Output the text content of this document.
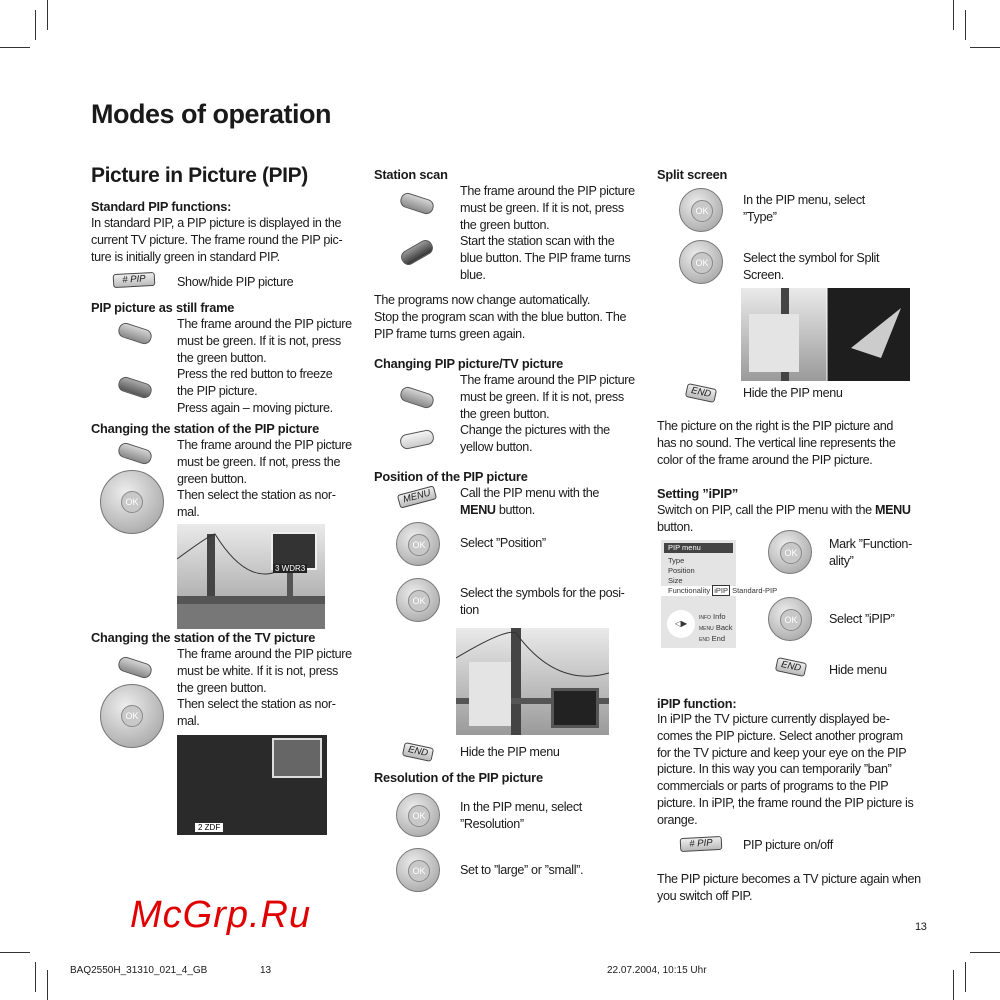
Modes of operation
Picture in Picture (PIP)
Standard PIP functions:
In standard PIP, a PIP picture is displayed in the
current TV picture. The frame round the PIP pic-
ture is initially green in standard PIP.
# PIP	Show/hide PIP picture
PIP picture as still frame
The frame around the PIP picture
must be green. If it is not, press
the green button.
Press the red button to freeze
the PIP picture.
Press again – moving picture.
Changing the station of the PIP picture
OK
The frame around the PIP picture
must be green. If not, press the
green button.
Then select the station as nor-
mal.
3 WDR3
Changing the station of the TV picture
OK
The frame around the PIP picture
must be white. If it is not, press
the green button.
Then select the station as nor-
mal.
2 ZDF
Station scan
The frame around the PIP picture
must be green. If it is not, press
the green button.
Start the station scan with the
blue button. The PIP frame turns
blue.
The programs now change automatically.
Stop the program scan with the blue button. The
PIP frame turns green again.
Changing PIP picture/TV picture
The frame around the PIP picture
must be green. If it is not, press
the green button.
Change the pictures with the
yellow button.
Position of the PIP picture
MENU	Call the PIP menu with the
MENU button.
OK	Select ”Position”
OK
Select the symbols for the posi-
tion
END	Hide the PIP menu
Resolution of the PIP picture
OK
In the PIP menu, select
”Resolution”
OK	Set to ”large” or ”small”.
Split screen
OK
In the PIP menu, select
”Type”
OK	Select the symbol for Split
Screen.
END	Hide the PIP menu
The picture on the right is the PIP picture and
has no sound. The vertical line represents the
color of the frame around the PIP picture.
Setting ”iPIP”
Switch on PIP, call the PIP menu with the MENU
button.
PIP menu
Type
Position
Size
Functionality iPIP Standard-PIP
◁▶
INFO Info
MENU Back
END End
OK
Mark ”Function-
ality”
OK	Select ”iPIP”
END	Hide menu
iPIP function:
In iPIP the TV picture currently displayed be-
comes the PIP picture. Select another program
for the TV picture and keep your eye on the PIP
picture. In this way you can temporarily ”ban”
commercials or parts of programs to the PIP
picture. In iPIP, the frame round the PIP picture is
orange.
# PIP	PIP picture on/off
The PIP picture becomes a TV picture again when
you switch off PIP.
13
BAQ2550H_31310_021_4_GB	13	22.07.2004, 10:15 Uhr
McGrp.Ru
